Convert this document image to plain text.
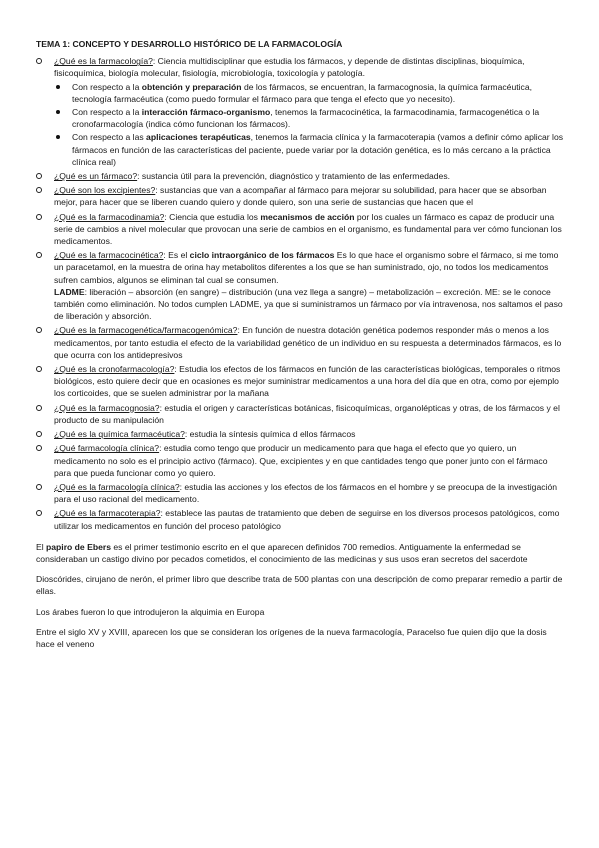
TEMA 1: CONCEPTO Y DESARROLLO HISTÓRICO DE LA FARMACOLOGÍA
¿Qué es la farmacología?: Ciencia multidisciplinar que estudia los fármacos, y depende de distintas disciplinas, bioquímica, fisicoquímica, biología molecular, fisiología, microbiología, toxicología y patología.
Con respecto a la obtención y preparación de los fármacos, se encuentran, la farmacognosia, la química farmacéutica, tecnología farmacéutica (como puedo formular el fármaco para que tenga el efecto que yo necesito).
Con respecto a la interacción fármaco-organismo, tenemos la farmacocinética, la farmacodinamia, farmacogenética o la cronofarmacología (indica cómo funcionan los fármacos).
Con respecto a las aplicaciones terapéuticas, tenemos la farmacia clínica y la farmacoterapia (vamos a definir cómo aplicar los fármacos en función de las características del paciente, puede variar por la dotación genética, es lo más cercano a la práctica clínica real)
¿Qué es un fármaco?: sustancia útil para la prevención, diagnóstico y tratamiento de las enfermedades.
¿Qué son los excipientes?: sustancias que van a acompañar al fármaco para mejorar su solubilidad, para hacer que se absorban mejor, para hacer que se liberen cuando quiero y donde quiero, son una serie de sustancias que hacen que el
¿Qué es la farmacodinamia?: Ciencia que estudia los mecanismos de acción por los cuales un fármaco es capaz de producir una serie de cambios a nivel molecular que provocan una serie de cambios en el organismo, es fundamental para ver cómo funcionan los medicamentos.
¿Qué es la farmacocinética?: Es el ciclo intraorgánico de los fármacos Es lo que hace el organismo sobre el fármaco, si me tomo un paracetamol, en la muestra de orina hay metabolitos diferentes a los que se han suministrado, ojo, no todos los medicamentos sufren cambios, algunos se eliminan tal cual se consumen.
LADME: liberación – absorción (en sangre) – distribución (una vez llega a sangre) – metabolización – excreción. ME: se le conoce también como eliminación. No todos cumplen LADME, ya que si suministramos un fármaco por vía intravenosa, nos saltamos el paso de liberación y absorción.
¿Qué es la farmacogenética/farmacogenómica?: En función de nuestra dotación genética podemos responder más o menos a los medicamentos, por tanto estudia el efecto de la variabilidad genético de un individuo en su respuesta a determinados fármacos, es lo que ocurra con los antidepresivos
¿Qué es la cronofarmacología?: Estudia los efectos de los fármacos en función de las características biológicas, temporales o ritmos biológicos, esto quiere decir que en ocasiones es mejor suministrar medicamentos a una hora del día que en otra, como por ejemplo los corticoides, que se suelen administrar por la mañana
¿Qué es la farmacognosia?: estudia el origen y características botánicas, fisicoquímicas, organolépticas y otras, de los fármacos y el producto de su manipulación
¿Qué es la química farmacéutica?: estudia la síntesis química d ellos fármacos
¿Qué farmacología clínica?: estudia como tengo que producir un medicamento para que haga el efecto que yo quiero, un medicamento no solo es el principio activo (fármaco). Que, excipientes y en que cantidades tengo que poner junto con el fármaco para que pueda funcionar como yo quiero.
¿Qué es la farmacología clínica?: estudia las acciones y los efectos de los fármacos en el hombre y se preocupa de la investigación para el uso racional del medicamento.
¿Qué es la farmacoterapia?: establece las pautas de tratamiento que deben de seguirse en los diversos procesos patológicos, como utilizar los medicamentos en función del proceso patológico

El papiro de Ebers es el primer testimonio escrito en el que aparecen definidos 700 remedios. Antiguamente la enfermedad se consideraban un castigo divino por pecados cometidos, el conocimiento de las medicinas y sus usos eran secretos del sacerdote

Dioscórides, cirujano de nerón, el primer libro que describe trata de 500 plantas con una descripción de como preparar remedio a partir de ellas.

Los árabes fueron lo que introdujeron la alquimia en Europa

Entre el siglo XV y XVIII, aparecen los que se consideran los orígenes de la nueva farmacología, Paracelso fue quien dijo que la dosis hace el veneno
